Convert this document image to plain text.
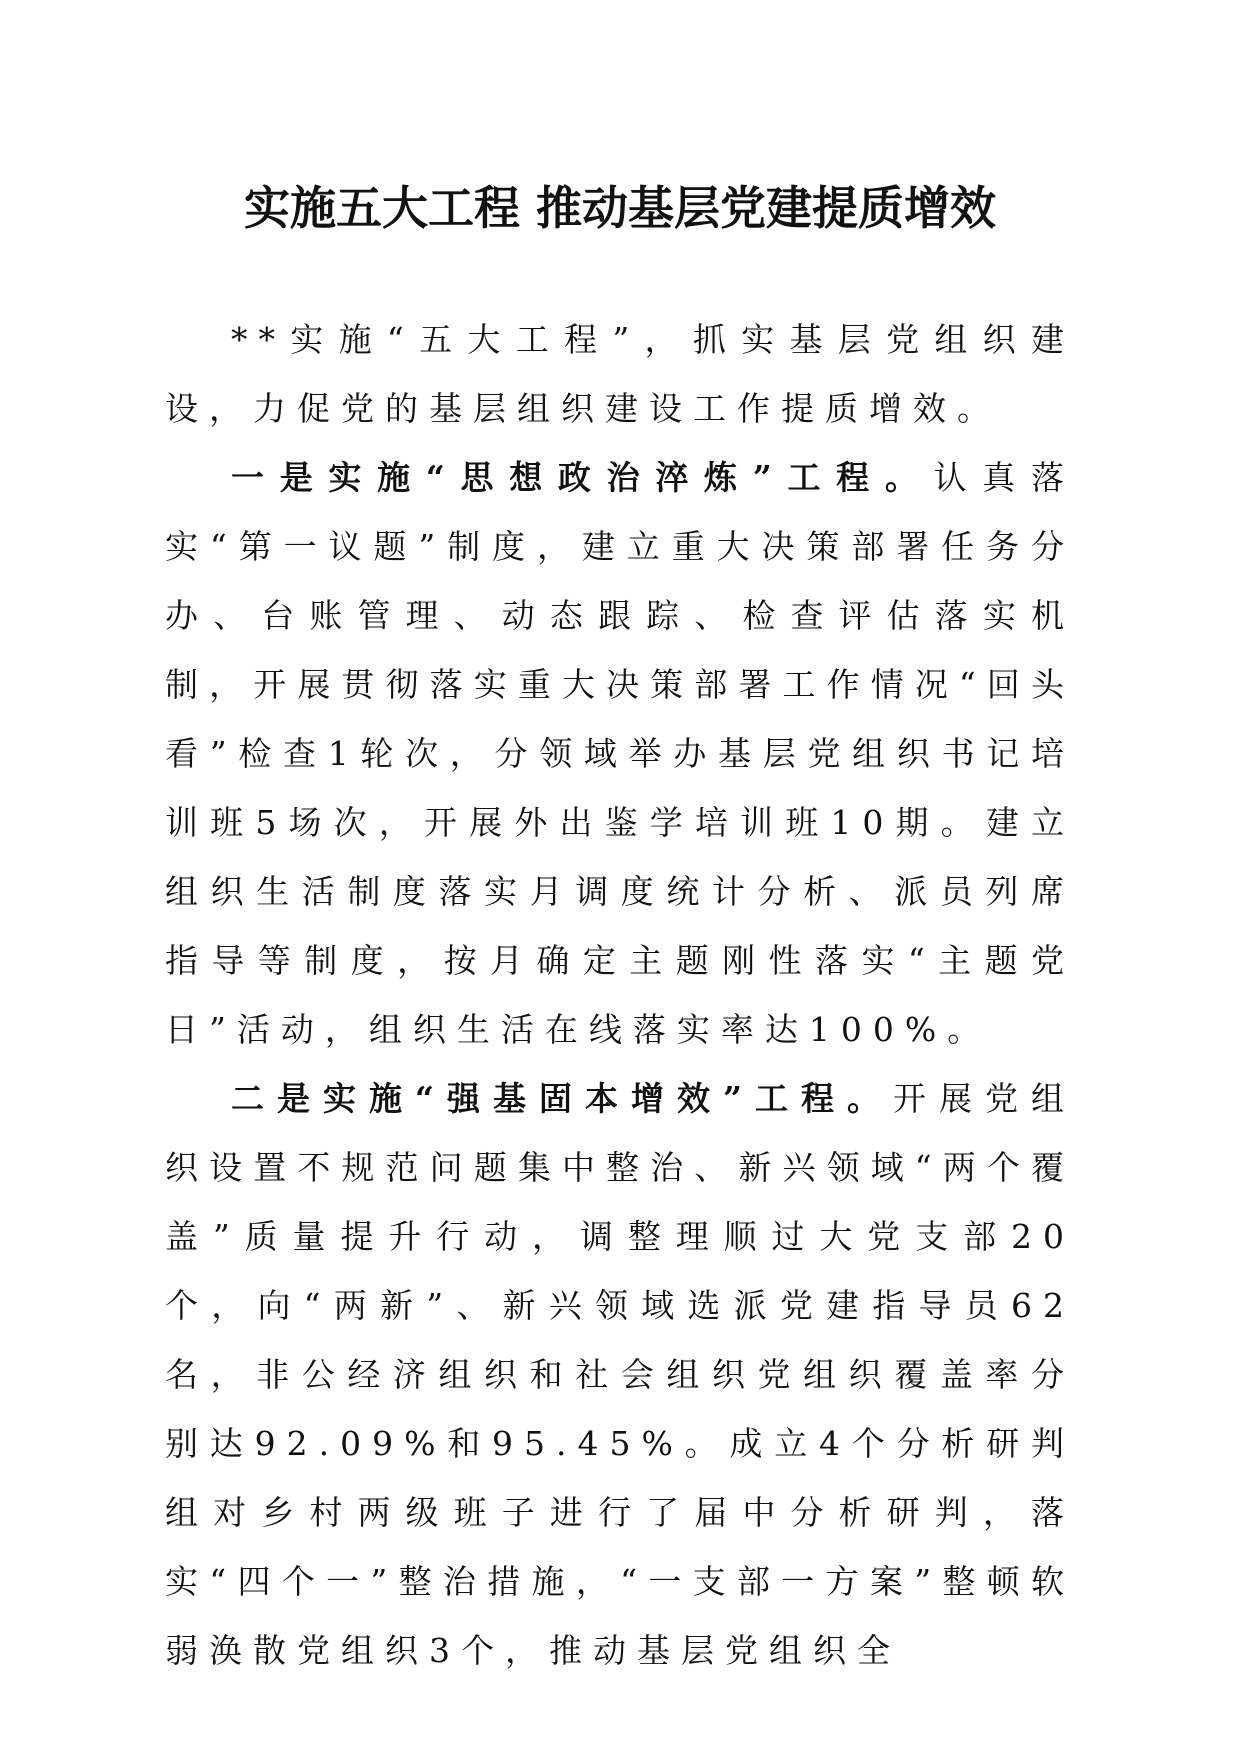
实施五大工程 推动基层党建提质增效

**实施“五大工程”，抓实基层党组织建设，力促党的基层组织建设工作提质增效。

一是实施“思想政治淬炼”工程。认真落实“第一议题”制度，建立重大决策部署任务分办、台账管理、动态跟踪、检查评估落实机制，开展贯彻落实重大决策部署工作情况“回头看”检查1轮次，分领域举办基层党组织书记培训班5场次，开展外出鉴学培训班10期。建立组织生活制度落实月调度统计分析、派员列席指导等制度，按月确定主题刚性落实“主题党日”活动，组织生活在线落实率达100%。

二是实施“强基固本增效”工程。开展党组织设置不规范问题集中整治、新兴领域“两个覆盖”质量提升行动，调整理顺过大党支部20个，向“两新”、新兴领域选派党建指导员62名，非公经济组织和社会组织党组织覆盖率分别达92.09%和95.45%。成立4个分析研判组对乡村两级班子进行了届中分析研判，落实“四个一”整治措施，“一支部一方案”整顿软弱涣散党组织3个，推动基层党组织全
